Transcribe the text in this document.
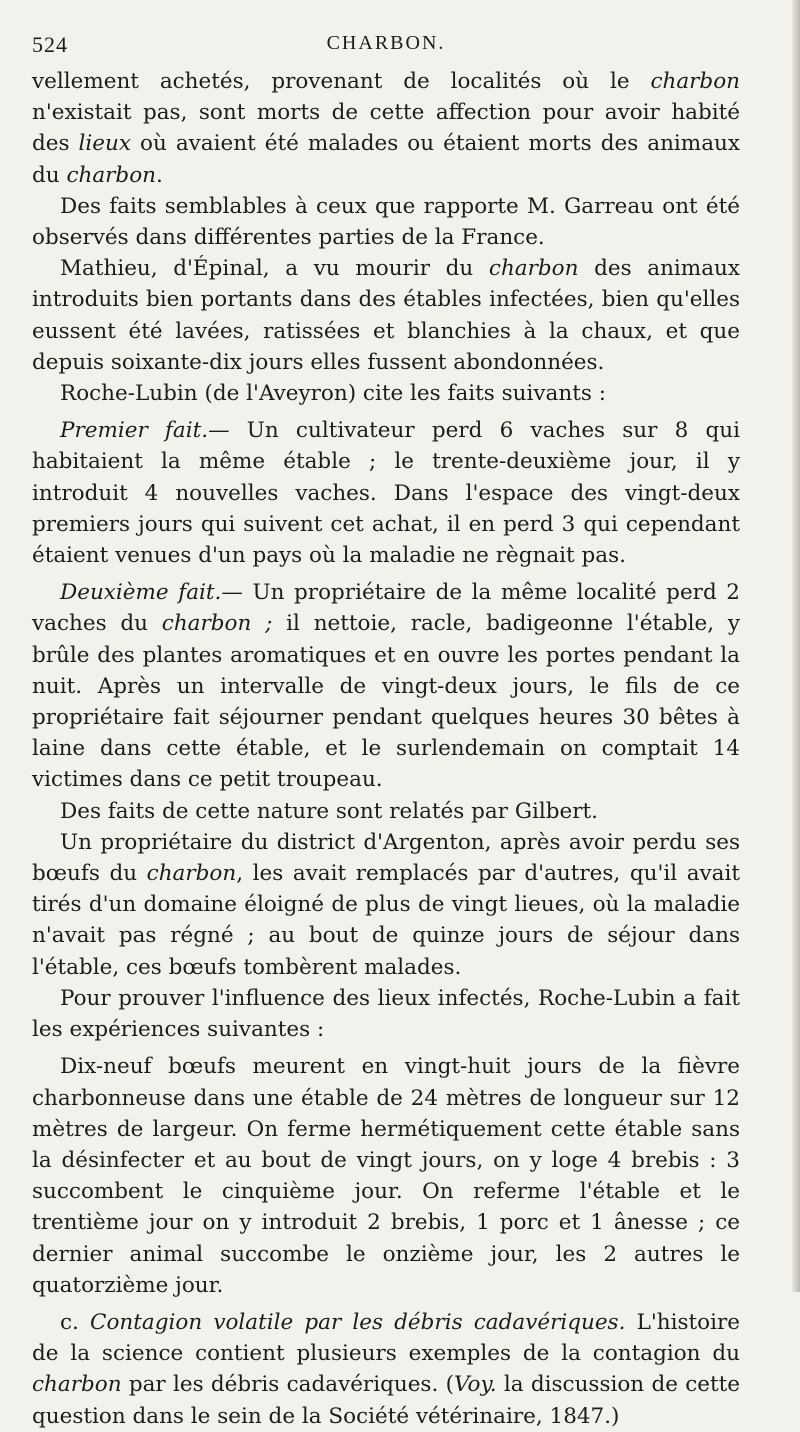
524	CHARBON.

vellement achetés, provenant de localités où le charbon n'existait pas, sont morts de cette affection pour avoir habité des lieux où avaient été malades ou étaient morts des animaux du charbon.

Des faits semblables à ceux que rapporte M. Garreau ont été observés dans différentes parties de la France.

Mathieu, d'Épinal, a vu mourir du charbon des animaux introduits bien portants dans des étables infectées, bien qu'elles eussent été lavées, ratissées et blanchies à la chaux, et que depuis soixante-dix jours elles fussent abondonnées.

Roche-Lubin (de l'Aveyron) cite les faits suivants :

Premier fait.— Un cultivateur perd 6 vaches sur 8 qui habitaient la même étable ; le trente-deuxième jour, il y introduit 4 nouvelles vaches. Dans l'espace des vingt-deux premiers jours qui suivent cet achat, il en perd 3 qui cependant étaient venues d'un pays où la maladie ne règnait pas.

Deuxième fait.— Un propriétaire de la même localité perd 2 vaches du charbon ; il nettoie, racle, badigeonne l'étable, y brûle des plantes aromatiques et en ouvre les portes pendant la nuit. Après un intervalle de vingt-deux jours, le fils de ce propriétaire fait séjourner pendant quelques heures 30 bêtes à laine dans cette étable, et le surlendemain on comptait 14 victimes dans ce petit troupeau.

Des faits de cette nature sont relatés par Gilbert.

Un propriétaire du district d'Argenton, après avoir perdu ses bœufs du charbon, les avait remplacés par d'autres, qu'il avait tirés d'un domaine éloigné de plus de vingt lieues, où la maladie n'avait pas régné ; au bout de quinze jours de séjour dans l'étable, ces bœufs tombèrent malades.

Pour prouver l'influence des lieux infectés, Roche-Lubin a fait les expériences suivantes :

Dix-neuf bœufs meurent en vingt-huit jours de la fièvre charbonneuse dans une étable de 24 mètres de longueur sur 12 mètres de largeur. On ferme hermétiquement cette étable sans la désinfecter et au bout de vingt jours, on y loge 4 brebis : 3 succombent le cinquième jour. On referme l'étable et le trentième jour on y introduit 2 brebis, 1 porc et 1 ânesse ; ce dernier animal succombe le onzième jour, les 2 autres le quatorzième jour.

c. Contagion volatile par les débris cadavériques. L'histoire de la science contient plusieurs exemples de la contagion du charbon par les débris cadavériques. (Voy. la discussion de cette question dans le sein de la Société vétérinaire, 1847.)
